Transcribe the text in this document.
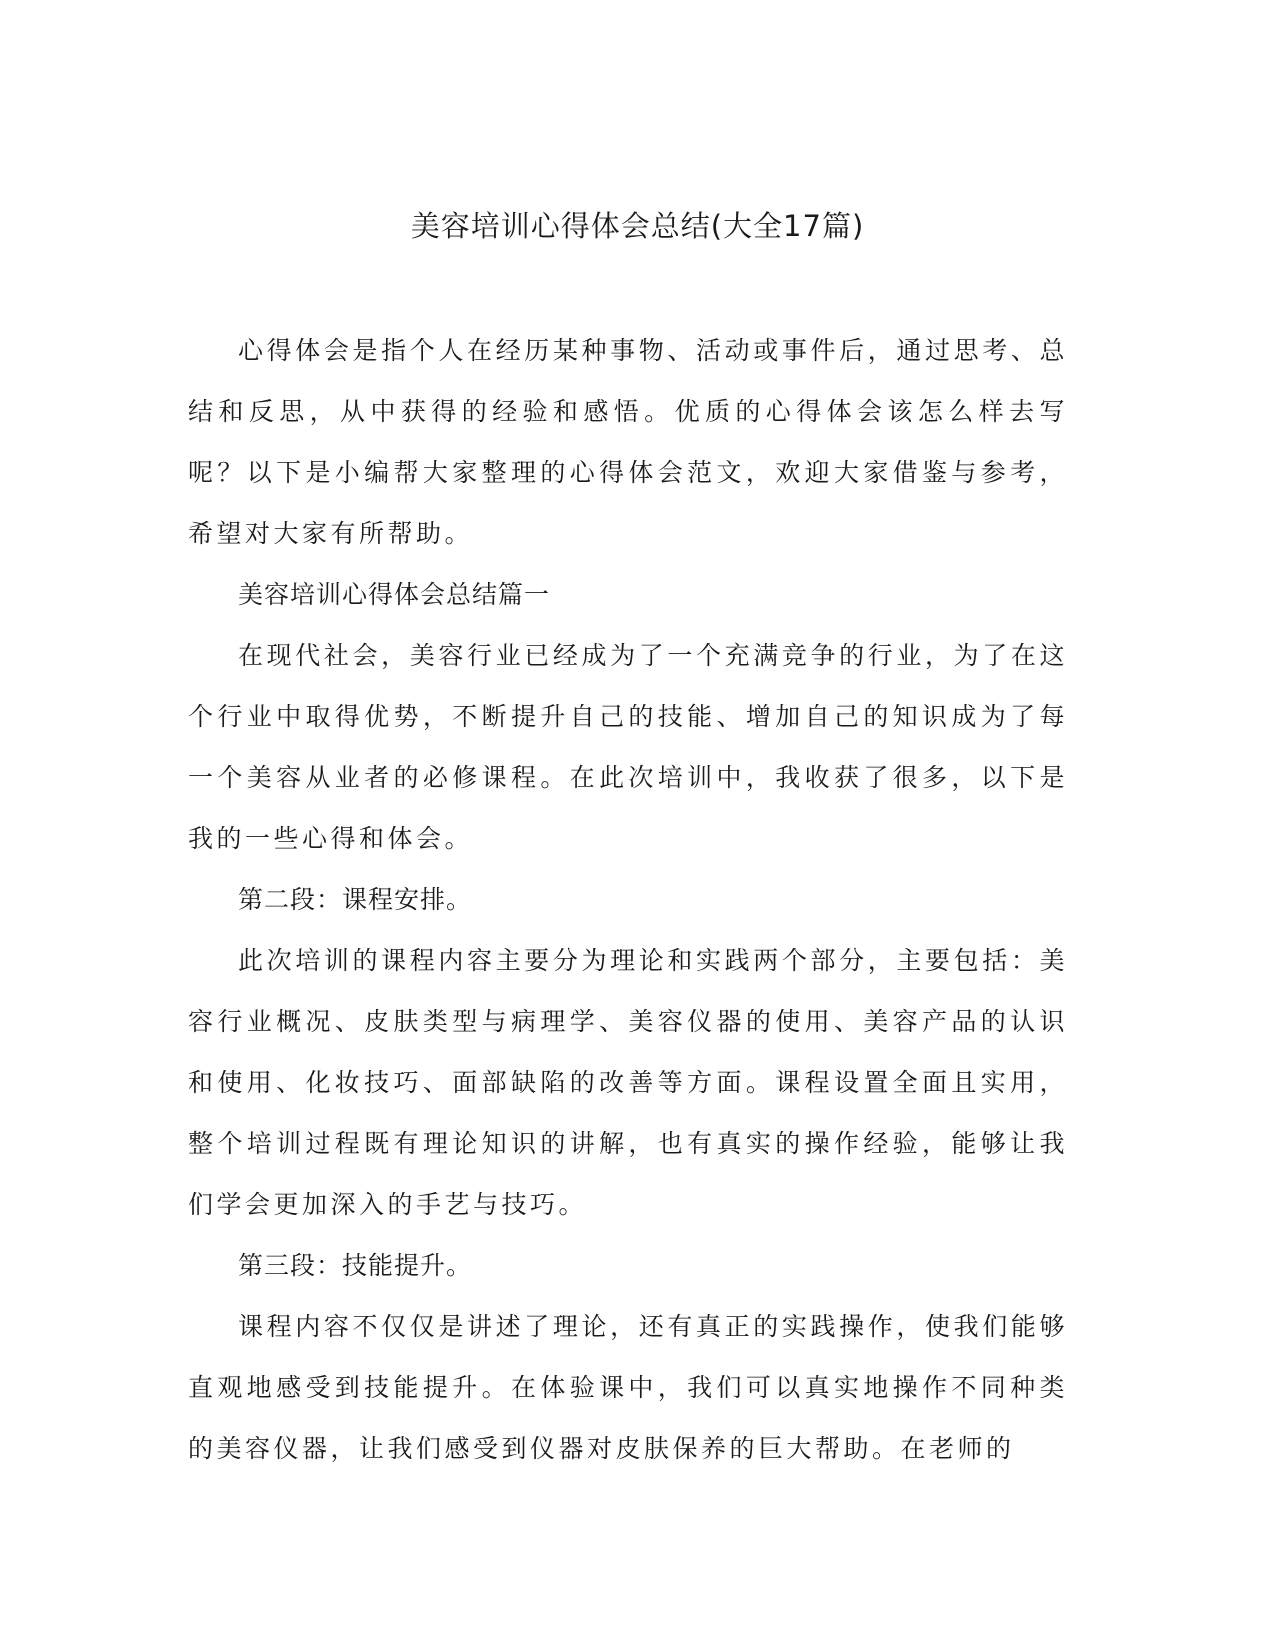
美容培训心得体会总结(大全17篇)

心得体会是指个人在经历某种事物、活动或事件后，通过思考、总结和反思，从中获得的经验和感悟。优质的心得体会该怎么样去写呢？以下是小编帮大家整理的心得体会范文，欢迎大家借鉴与参考，希望对大家有所帮助。

美容培训心得体会总结篇一

在现代社会，美容行业已经成为了一个充满竞争的行业，为了在这个行业中取得优势，不断提升自己的技能、增加自己的知识成为了每一个美容从业者的必修课程。在此次培训中，我收获了很多，以下是我的一些心得和体会。

第二段：课程安排。

此次培训的课程内容主要分为理论和实践两个部分，主要包括：美容行业概况、皮肤类型与病理学、美容仪器的使用、美容产品的认识和使用、化妆技巧、面部缺陷的改善等方面。课程设置全面且实用，整个培训过程既有理论知识的讲解，也有真实的操作经验，能够让我们学会更加深入的手艺与技巧。

第三段：技能提升。

课程内容不仅仅是讲述了理论，还有真正的实践操作，使我们能够直观地感受到技能提升。在体验课中，我们可以真实地操作不同种类的美容仪器，让我们感受到仪器对皮肤保养的巨大帮助。在老师的
